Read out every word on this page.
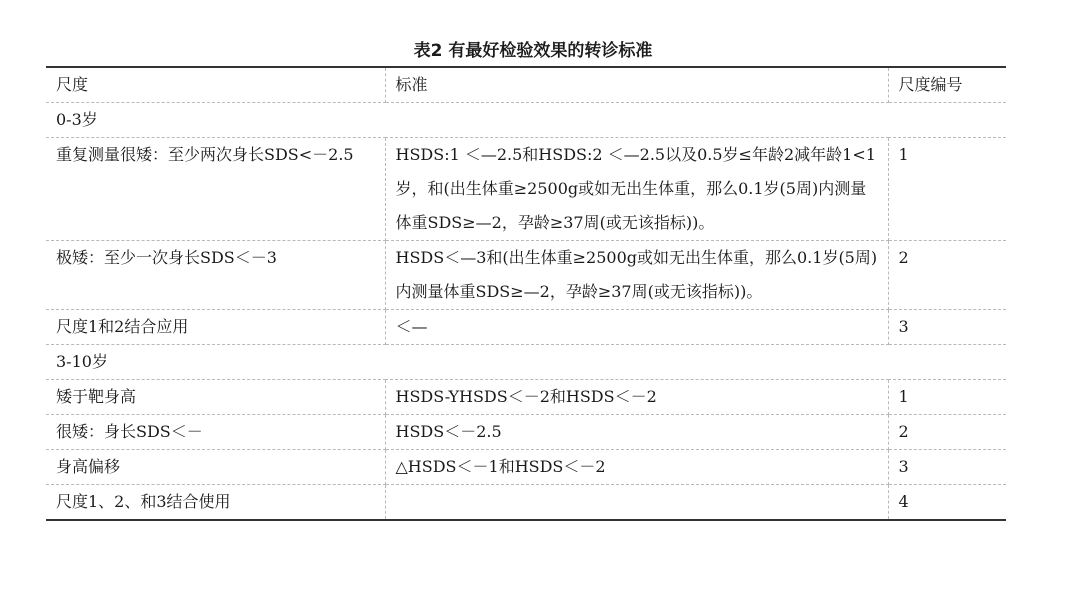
表2 有最好检验效果的转诊标准
尺度	标准	尺度编号
0-3岁		
重复测量很矮：至少两次身长SDS<－2.5	HSDS:1 ＜—2.5和HSDS:2 ＜—2.5以及0.5岁≤年龄2减年龄1<1岁，和(出生体重≥2500g或如无出生体重，那么0.1岁(5周)内测量体重SDS≥—2，孕龄≥37周(或无该指标))。	1
极矮：至少一次身长SDS＜－3	HSDS＜—3和(出生体重≥2500g或如无出生体重，那么0.1岁(5周)内测量体重SDS≥—2，孕龄≥37周(或无该指标))。	2
尺度1和2结合应用	＜—	3
3-10岁		
矮于靶身高	HSDS-YHSDS＜－2和HSDS＜－2	1
很矮：身长SDS＜－	HSDS＜－2.5	2
身高偏移	△HSDS＜－1和HSDS＜－2	3
尺度1、2、和3结合使用		4
